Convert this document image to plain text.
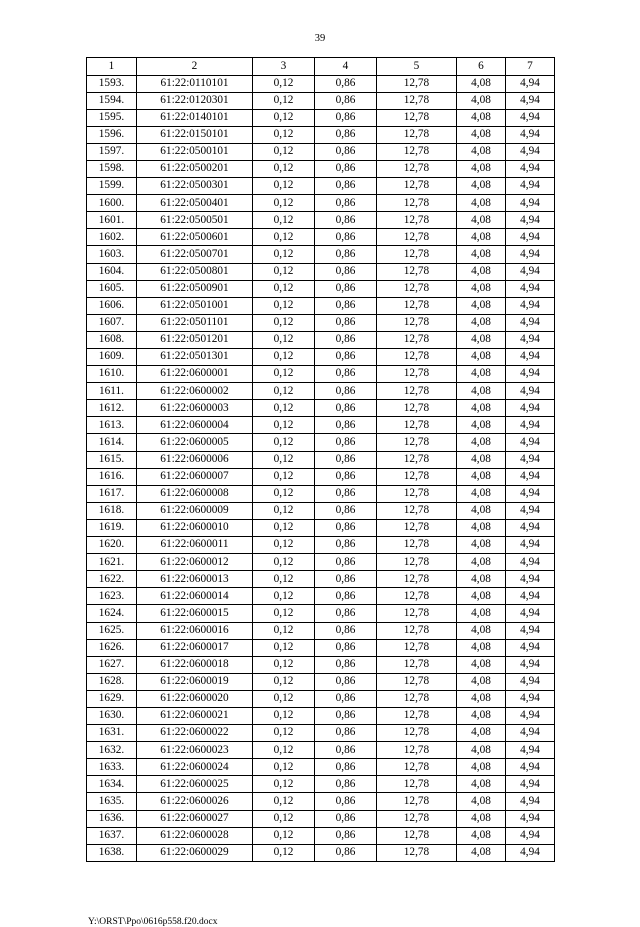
39
1	2	3	4	5	6	7
1593.	61:22:0110101	0,12	0,86	12,78	4,08	4,94
1594.	61:22:0120301	0,12	0,86	12,78	4,08	4,94
1595.	61:22:0140101	0,12	0,86	12,78	4,08	4,94
1596.	61:22:0150101	0,12	0,86	12,78	4,08	4,94
1597.	61:22:0500101	0,12	0,86	12,78	4,08	4,94
1598.	61:22:0500201	0,12	0,86	12,78	4,08	4,94
1599.	61:22:0500301	0,12	0,86	12,78	4,08	4,94
1600.	61:22:0500401	0,12	0,86	12,78	4,08	4,94
1601.	61:22:0500501	0,12	0,86	12,78	4,08	4,94
1602.	61:22:0500601	0,12	0,86	12,78	4,08	4,94
1603.	61:22:0500701	0,12	0,86	12,78	4,08	4,94
1604.	61:22:0500801	0,12	0,86	12,78	4,08	4,94
1605.	61:22:0500901	0,12	0,86	12,78	4,08	4,94
1606.	61:22:0501001	0,12	0,86	12,78	4,08	4,94
1607.	61:22:0501101	0,12	0,86	12,78	4,08	4,94
1608.	61:22:0501201	0,12	0,86	12,78	4,08	4,94
1609.	61:22:0501301	0,12	0,86	12,78	4,08	4,94
1610.	61:22:0600001	0,12	0,86	12,78	4,08	4,94
1611.	61:22:0600002	0,12	0,86	12,78	4,08	4,94
1612.	61:22:0600003	0,12	0,86	12,78	4,08	4,94
1613.	61:22:0600004	0,12	0,86	12,78	4,08	4,94
1614.	61:22:0600005	0,12	0,86	12,78	4,08	4,94
1615.	61:22:0600006	0,12	0,86	12,78	4,08	4,94
1616.	61:22:0600007	0,12	0,86	12,78	4,08	4,94
1617.	61:22:0600008	0,12	0,86	12,78	4,08	4,94
1618.	61:22:0600009	0,12	0,86	12,78	4,08	4,94
1619.	61:22:0600010	0,12	0,86	12,78	4,08	4,94
1620.	61:22:0600011	0,12	0,86	12,78	4,08	4,94
1621.	61:22:0600012	0,12	0,86	12,78	4,08	4,94
1622.	61:22:0600013	0,12	0,86	12,78	4,08	4,94
1623.	61:22:0600014	0,12	0,86	12,78	4,08	4,94
1624.	61:22:0600015	0,12	0,86	12,78	4,08	4,94
1625.	61:22:0600016	0,12	0,86	12,78	4,08	4,94
1626.	61:22:0600017	0,12	0,86	12,78	4,08	4,94
1627.	61:22:0600018	0,12	0,86	12,78	4,08	4,94
1628.	61:22:0600019	0,12	0,86	12,78	4,08	4,94
1629.	61:22:0600020	0,12	0,86	12,78	4,08	4,94
1630.	61:22:0600021	0,12	0,86	12,78	4,08	4,94
1631.	61:22:0600022	0,12	0,86	12,78	4,08	4,94
1632.	61:22:0600023	0,12	0,86	12,78	4,08	4,94
1633.	61:22:0600024	0,12	0,86	12,78	4,08	4,94
1634.	61:22:0600025	0,12	0,86	12,78	4,08	4,94
1635.	61:22:0600026	0,12	0,86	12,78	4,08	4,94
1636.	61:22:0600027	0,12	0,86	12,78	4,08	4,94
1637.	61:22:0600028	0,12	0,86	12,78	4,08	4,94
1638.	61:22:0600029	0,12	0,86	12,78	4,08	4,94
Y:\ORST\Ppo\0616p558.f20.docx
